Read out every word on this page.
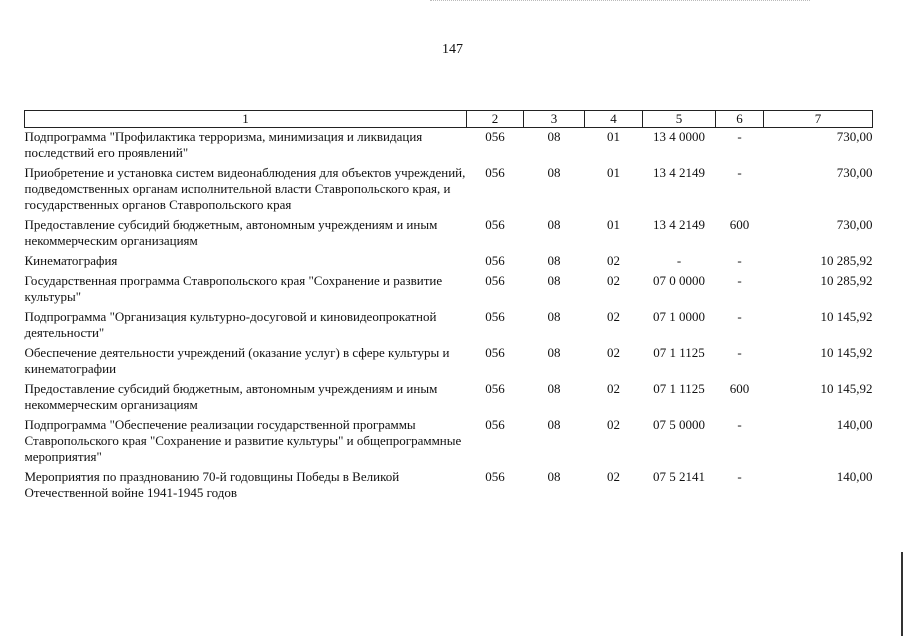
147
1	2	3	4	5	6	7
Подпрограмма "Профилактика терроризма, минимизация и ликвидация последствий его проявлений"	056	08	01	13 4 0000	-	730,00
Приобретение и установка систем видеонаблюдения для объектов учреждений, подведомственных органам исполнительной власти Ставропольского края, и государственных органов Ставропольского края	056	08	01	13 4 2149	-	730,00
Предоставление субсидий бюджетным, автономным учреждениям и иным некоммерческим организациям	056	08	01	13 4 2149	600	730,00
Кинематография	056	08	02	-	-	10 285,92
Государственная программа Ставропольского края "Сохранение и развитие культуры"	056	08	02	07 0 0000	-	10 285,92
Подпрограмма "Организация культурно-досуговой и киновидеопрокатной деятельности"	056	08	02	07 1 0000	-	10 145,92
Обеспечение деятельности учреждений (оказание услуг) в сфере культуры и кинематографии	056	08	02	07 1 1125	-	10 145,92
Предоставление субсидий бюджетным, автономным учреждениям и иным некоммерческим организациям	056	08	02	07 1 1125	600	10 145,92
Подпрограмма "Обеспечение реализации государственной программы Ставропольского края "Сохранение и развитие культуры" и общепрограммные мероприятия"	056	08	02	07 5 0000	-	140,00
Мероприятия по празднованию 70-й годовщины Победы в Великой Отечественной войне 1941-1945 годов	056	08	02	07 5 2141	-	140,00
